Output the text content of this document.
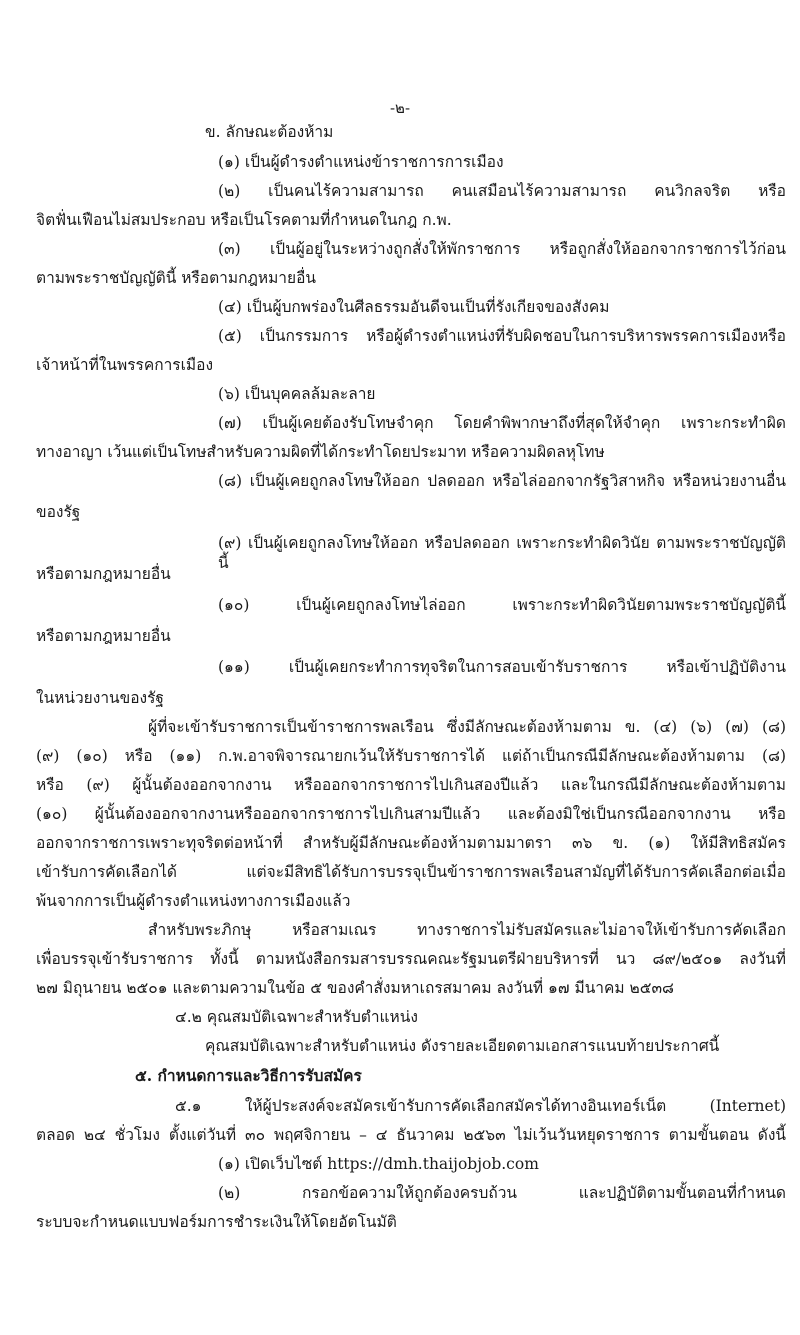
-๒-
ข. ลักษณะต้องห้าม
(๑) เป็นผู้ดำรงตำแหน่งข้าราชการการเมือง
(๒) เป็นคนไร้ความสามารถ คนเสมือนไร้ความสามารถ คนวิกลจริต หรือ
จิตฟั่นเฟือนไม่สมประกอบ หรือเป็นโรคตามที่กำหนดในกฎ ก.พ.
(๓) เป็นผู้อยู่ในระหว่างถูกสั่งให้พักราชการ หรือถูกสั่งให้ออกจากราชการไว้ก่อน
ตามพระราชบัญญัตินี้ หรือตามกฎหมายอื่น
(๔) เป็นผู้บกพร่องในศีลธรรมอันดีจนเป็นที่รังเกียจของสังคม
(๕) เป็นกรรมการ หรือผู้ดำรงตำแหน่งที่รับผิดชอบในการบริหารพรรคการเมืองหรือ
เจ้าหน้าที่ในพรรคการเมือง
(๖) เป็นบุคคลล้มละลาย
(๗) เป็นผู้เคยต้องรับโทษจำคุก โดยคำพิพากษาถึงที่สุดให้จำคุก เพราะกระทำผิด
ทางอาญา เว้นแต่เป็นโทษสำหรับความผิดที่ได้กระทำโดยประมาท หรือความผิดลหุโทษ
(๘) เป็นผู้เคยถูกลงโทษให้ออก ปลดออก หรือไล่ออกจากรัฐวิสาหกิจ หรือหน่วยงานอื่น
ของรัฐ
(๙) เป็นผู้เคยถูกลงโทษให้ออก หรือปลดออก เพราะกระทำผิดวินัย ตามพระราชบัญญัตินี้
หรือตามกฎหมายอื่น
(๑๐) เป็นผู้เคยถูกลงโทษไล่ออก เพราะกระทำผิดวินัยตามพระราชบัญญัตินี้
หรือตามกฎหมายอื่น
(๑๑) เป็นผู้เคยกระทำการทุจริตในการสอบเข้ารับราชการ หรือเข้าปฏิบัติงาน
ในหน่วยงานของรัฐ
ผู้ที่จะเข้ารับราชการเป็นข้าราชการพลเรือน ซึ่งมีลักษณะต้องห้ามตาม ข. (๔) (๖) (๗) (๘)
(๙) (๑๐) หรือ (๑๑) ก.พ.อาจพิจารณายกเว้นให้รับราชการได้ แต่ถ้าเป็นกรณีมีลักษณะต้องห้ามตาม (๘)
หรือ (๙) ผู้นั้นต้องออกจากงาน หรือออกจากราชการไปเกินสองปีแล้ว และในกรณีมีลักษณะต้องห้ามตาม
(๑๐) ผู้นั้นต้องออกจากงานหรือออกจากราชการไปเกินสามปีแล้ว และต้องมิใช่เป็นกรณีออกจากงาน หรือ
ออกจากราชการเพราะทุจริตต่อหน้าที่ สำหรับผู้มีลักษณะต้องห้ามตามมาตรา ๓๖ ข. (๑) ให้มีสิทธิสมัคร
เข้ารับการคัดเลือกได้ แต่จะมีสิทธิได้รับการบรรจุเป็นข้าราชการพลเรือนสามัญที่ได้รับการคัดเลือกต่อเมื่อ
พ้นจากการเป็นผู้ดำรงตำแหน่งทางการเมืองแล้ว
สำหรับพระภิกษุ หรือสามเณร ทางราชการไม่รับสมัครและไม่อาจให้เข้ารับการคัดเลือก
เพื่อบรรจุเข้ารับราชการ ทั้งนี้ ตามหนังสือกรมสารบรรณคณะรัฐมนตรีฝ่ายบริหารที่ นว ๘๙/๒๕๐๑ ลงวันที่
๒๗ มิถุนายน ๒๕๐๑ และตามความในข้อ ๕ ของคำสั่งมหาเถรสมาคม ลงวันที่ ๑๗ มีนาคม ๒๕๓๘
๔.๒ คุณสมบัติเฉพาะสำหรับตำแหน่ง
คุณสมบัติเฉพาะสำหรับตำแหน่ง ดังรายละเอียดตามเอกสารแนบท้ายประกาศนี้
๕. กำหนดการและวิธีการรับสมัคร
๕.๑ ให้ผู้ประสงค์จะสมัครเข้ารับการคัดเลือกสมัครได้ทางอินเทอร์เน็ต (Internet)
ตลอด ๒๔ ชั่วโมง ตั้งแต่วันที่ ๓๐ พฤศจิกายน – ๔ ธันวาคม ๒๕๖๓ ไม่เว้นวันหยุดราชการ ตามขั้นตอน ดังนี้
(๑) เปิดเว็บไซต์ https://dmh.thaijobjob.com
(๒) กรอกข้อความให้ถูกต้องครบถ้วน และปฏิบัติตามขั้นตอนที่กำหนด
ระบบจะกำหนดแบบฟอร์มการชำระเงินให้โดยอัตโนมัติ
